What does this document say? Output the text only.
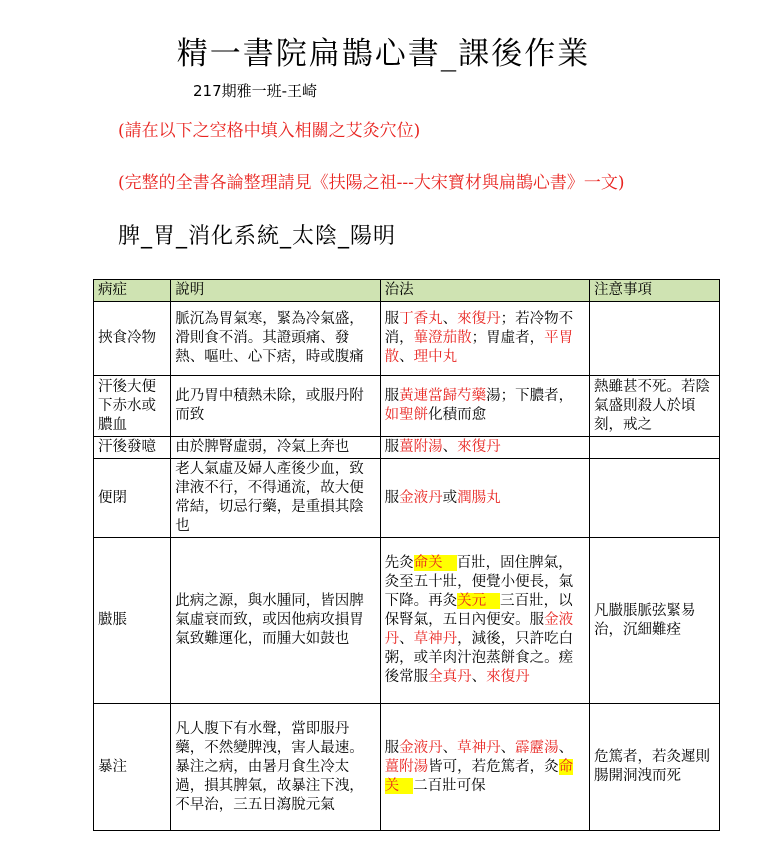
精一書院扁鵲心書_課後作業
217期雅一班-王崎
(請在以下之空格中填入相關之艾灸穴位)
(完整的全書各論整理請見《扶陽之祖---大宋寶材與扁鵲心書》一文)
脾_胃_消化系統_太陰_陽明
病症	說明	治法	注意事項
挾食冷物	脈沉為胃氣寒，緊為冷氣盛，滑則食不消。其證頭痛、發熱、嘔吐、心下痞，時或腹痛	服丁香丸、來復丹；若冷物不消，蓽澄茄散；胃虛者，平胃散、理中丸	
汗後大便下赤水或膿血	此乃胃中積熱未除，或服丹附而致	服黃連當歸芍藥湯；下膿者，如聖餅化積而愈	熱雖甚不死。若陰氣盛則殺人於頃刻，戒之
汗後發噫	由於脾腎虛弱，冷氣上奔也	服薑附湯、來復丹	
便閉	老人氣虛及婦人產後少血，致津液不行，不得通流，故大便常結，切忌行藥，是重損其陰也	服金液丹或潤腸丸	
臌脹	此病之源，與水腫同，皆因脾氣虛衰而致，或因他病攻損胃氣致難運化，而腫大如鼓也	先灸命关 百壯，固住脾氣，灸至五十壯，便覺小便長，氣下降。再灸关元 三百壯，以保腎氣，五日內便安。服金液丹、草神丹，減後，只許吃白粥，或羊肉汁泡蒸餅食之。瘥後常服全真丹、來復丹	凡臌脹脈弦緊易治，沉細難痊
暴注	凡人腹下有水聲，當即服丹藥，不然變脾洩，害人最速。暴注之病，由暑月食生冷太過，損其脾氣，故暴注下洩，不早治，三五日瀉脫元氣	服金液丹、草神丹、霹靂湯、薑附湯皆可，若危篤者，灸命关 二百壯可保	危篤者，若灸遲則腸開洞洩而死
